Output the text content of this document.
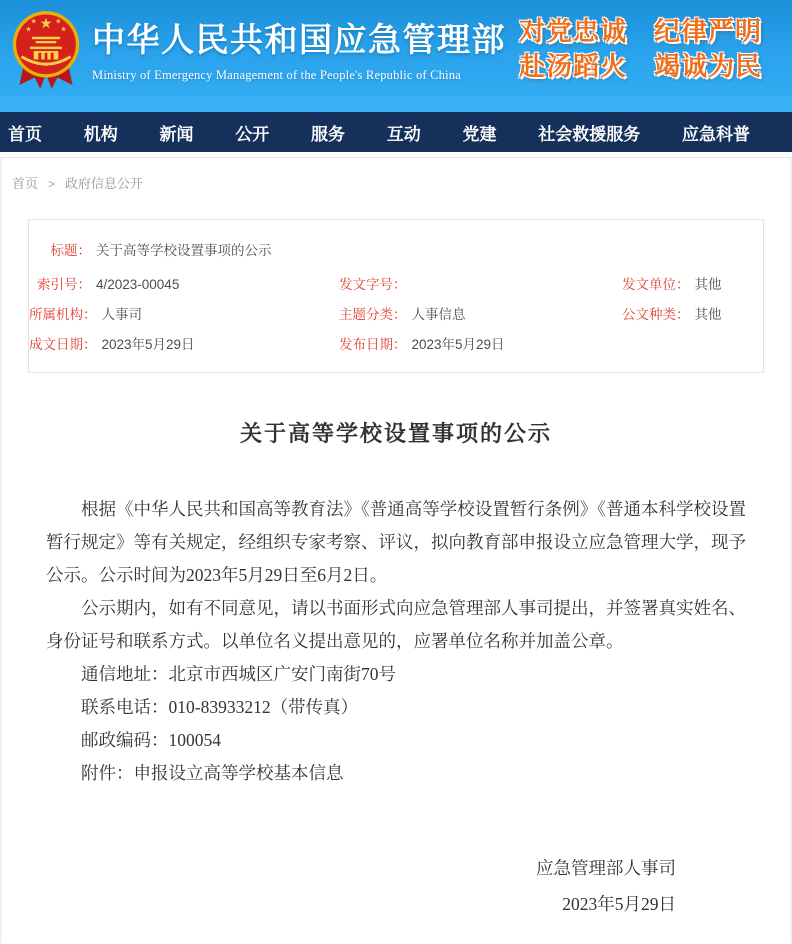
中华人民共和国应急管理部
Ministry of Emergency Management of the People's Republic of China
对党忠诚　纪律严明
赴汤蹈火　竭诚为民
首页 机构 新闻 公开 服务 互动 党建 社会救援服务 应急科普
首页 > 政府信息公开
标题： 关于高等学校设置事项的公示
索引号： 4/2023-00045	发文字号：	发文单位： 其他
所属机构： 人事司	主题分类： 人事信息	公文种类： 其他
成文日期： 2023年5月29日	发布日期： 2023年5月29日
关于高等学校设置事项的公示

根据《中华人民共和国高等教育法》《普通高等学校设置暂行条例》《普通本科学校设置暂行规定》等有关规定，经组织专家考察、评议，拟向教育部申报设立应急管理大学，现予公示。公示时间为2023年5月29日至6月2日。

公示期内，如有不同意见，请以书面形式向应急管理部人事司提出，并签署真实姓名、身份证号和联系方式。以单位名义提出意见的，应署单位名称并加盖公章。

通信地址：北京市西城区广安门南街70号

联系电话：010-83933212（带传真）

邮政编码：100054

附件：申报设立高等学校基本信息

应急管理部人事司
2023年5月29日
